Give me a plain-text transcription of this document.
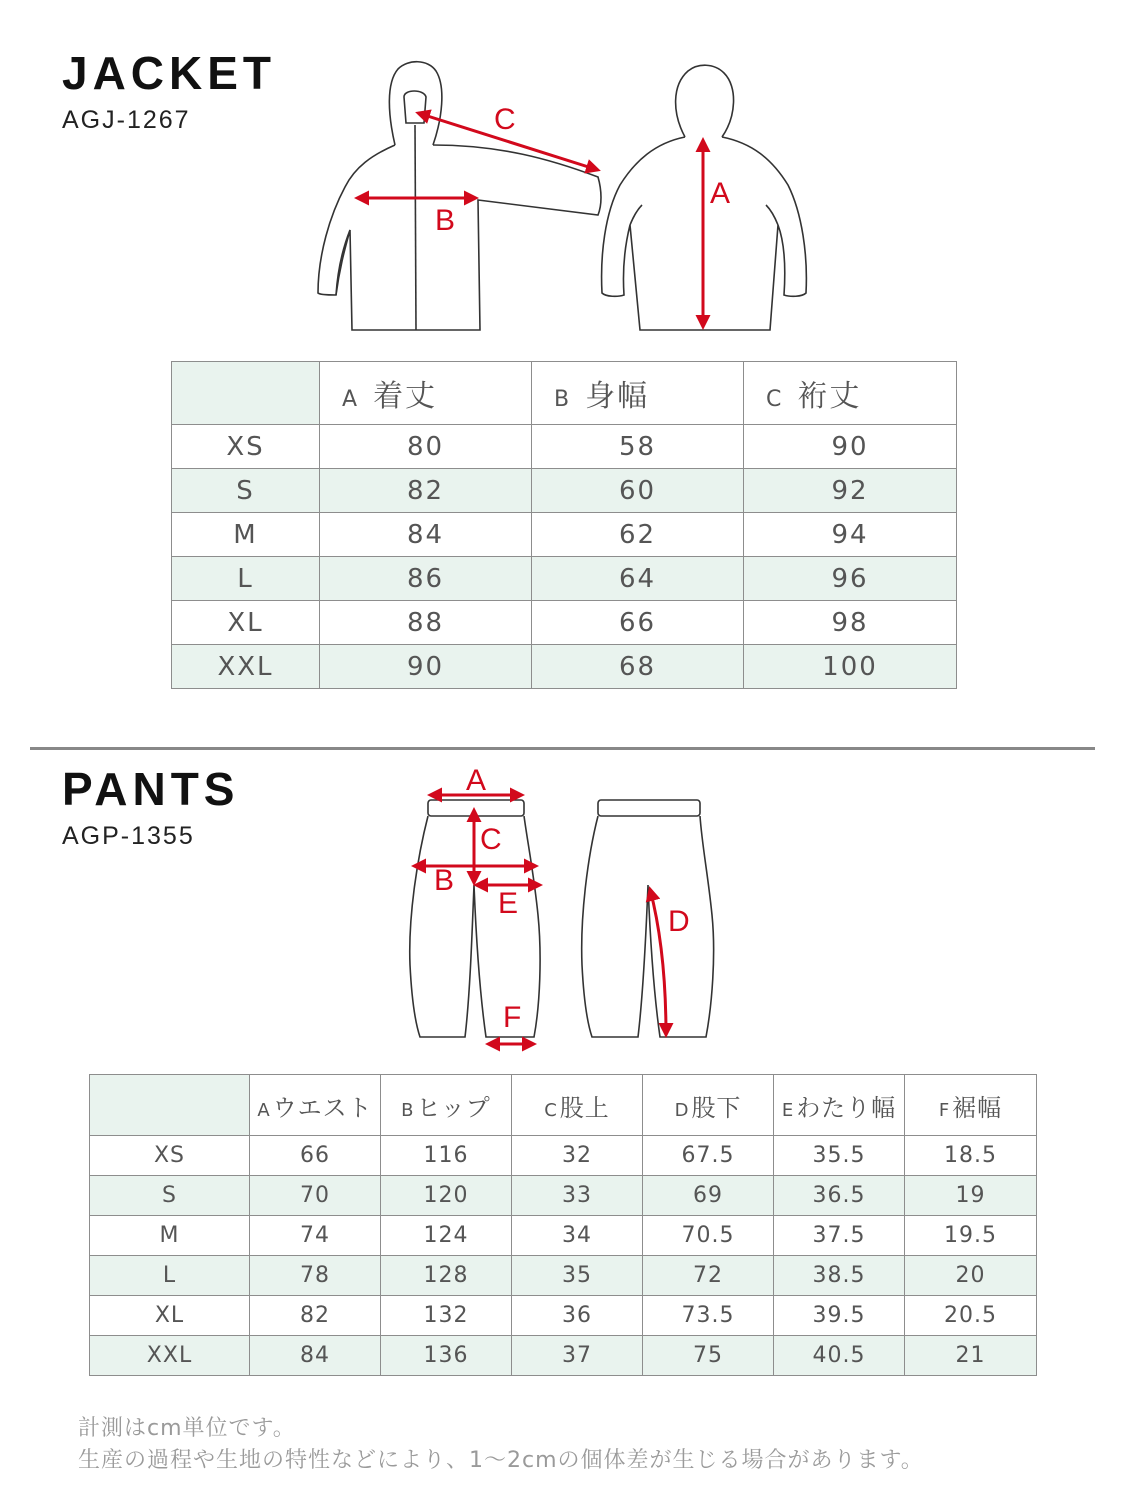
JACKET
AGJ-1267
A
B
C
	A 着丈	B 身幅	C 裄丈
XS	80	58	90
S	82	60	92
M	84	62	94
L	86	64	96
XL	88	66	98
XXL	90	68	100
PANTS
AGP-1355
A
C
B
E
D
F
	Aウエスト	Bヒップ	C股上	D股下	Eわたり幅	F裾幅
XS	66	116	32	67.5	35.5	18.5
S	70	120	33	69	36.5	19
M	74	124	34	70.5	37.5	19.5
L	78	128	35	72	38.5	20
XL	82	132	36	73.5	39.5	20.5
XXL	84	136	37	75	40.5	21
計測はcm単位です。
生産の過程や生地の特性などにより、1～2cmの個体差が生じる場合があります。
